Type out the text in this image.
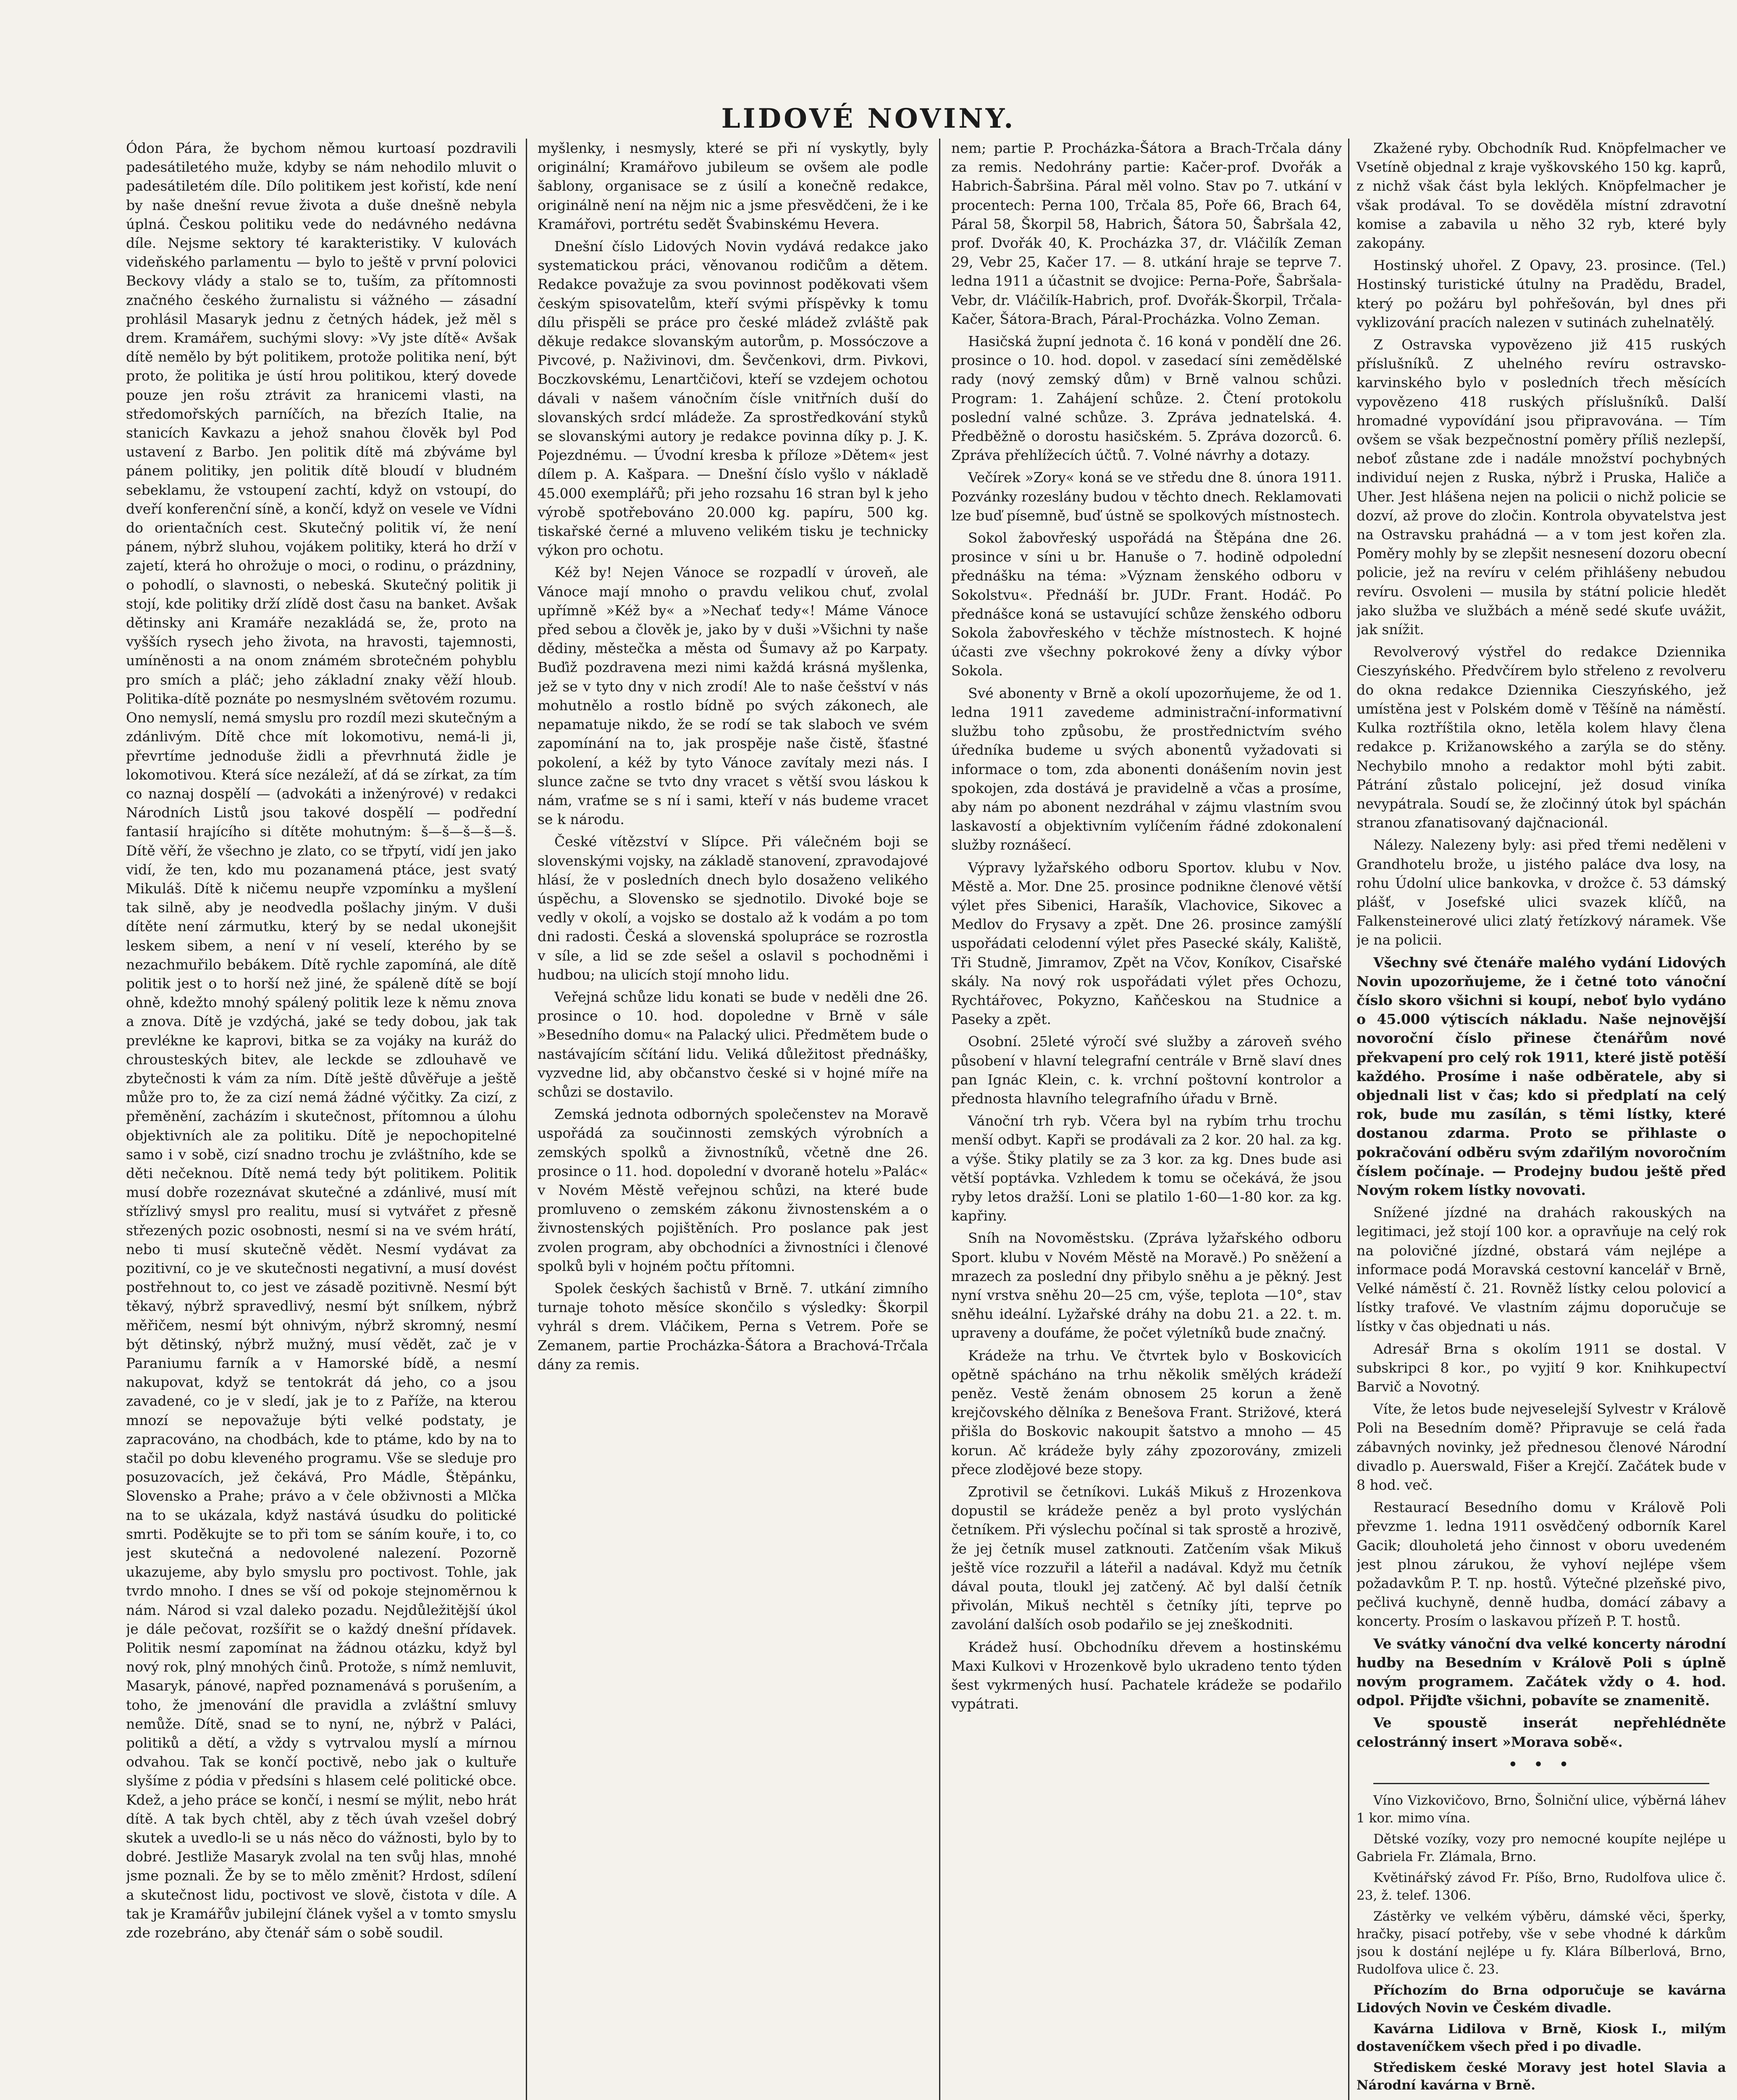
LIDOVÉ NOVINY.

Ódon Pára, že bychom němou kurtoasí pozdravili padesátiletého muže, kdyby se nám nehodilo mluvit o padesátiletém díle. Dílo politikem jest kořistí, kde není by naše dnešní revue života a duše dnešně nebyla úplná. Českou politiku vede do nedávného nedávna díle. Nejsme sektory té karakteristiky. V kulovách videňského parlamentu — bylo to ještě v první polovici Beckovy vlády a stalo se to, tuším, za přítomnosti značného českého žurnalistu si vážného — zásadní prohlásil Masaryk jednu z četných hádek, jež měl s drem. Kramářem, suchými slovy: »Vy jste dítě« Avšak dítě nemělo by být politikem, protože politika není, být proto, že politika je ústí hrou politikou, který dovede pouze jen rošu ztrávit za hranicemi vlasti, na středomořských parníčích, na březích Italie, na stanicích Kavkazu a jehož snahou člověk byl Pod ustavení z Barbo. Jen politik dítě má zbýváme byl pánem politiky, jen politik dítě bloudí v bludném sebeklamu, že vstoupení zachtí, když on vstoupí, do dveří konferenční síně, a končí, když on vesele ve Vídni do orientačních cest. Skutečný politik ví, že není pánem, nýbrž sluhou, vojákem politiky, která ho drží v zajetí, která ho ohrožuje o moci, o rodinu, o prázdniny, o pohodlí, o slavnosti, o nebeská. Skutečný politik ji stojí, kde politiky drží zlídě dost času na banket. Avšak dětinsky ani Kramáře nezakládá se, že, proto na vyšších rysech jeho života, na hravosti, tajemnosti, umíněnosti a na onom známém sbrotečném pohyblu pro smích a pláč; jeho základní znaky věží hloub. Politika-dítě poznáte po nesmyslném světovém rozumu. Ono nemyslí, nemá smyslu pro rozdíl mezi skutečným a zdánlivým. Dítě chce mít lokomotivu, nemá-li ji, převrtíme jednoduše židli a převrhnutá židle je lokomotivou. Která síce nezáleží, ať dá se zírkat, za tím co naznaj dospělí — (advokáti a inženýrové) v redakci Národních Listů jsou takové dospělí — podřední fantasií hrajícího si dítěte mohutným: š—š—š—š—š. Dítě věří, že všechno je zlato, co se třpytí, vidí jen jako vidí, že ten, kdo mu pozanamená ptáce, jest svatý Mikuláš. Dítě k ničemu neupře vzpomínku a myšlení tak silně, aby je neodvedla pošlachy jiným. V duši dítěte není zármutku, který by se nedal ukonejšit leskem sibem, a není v ní veselí, kterého by se nezachmuřilo bebákem. Dítě rychle zapomíná, ale dítě politik jest o to horší než jiné, že spáleně dítě se bojí ohně, kdežto mnohý spálený politik leze k němu znova a znova. Dítě je vzdýchá, jaké se tedy dobou, jak tak prevlékne ke kaprovi, bitka se za vojáky na kuráž do chrousteských bitev, ale leckde se zdlouhavě ve zbytečnosti k vám za ním. Dítě ještě důvěřuje a ještě může pro to, že za cizí nemá žádné výčitky. Za cizí, z přeměnění, zacházím i skutečnost, přítomnou a úlohu objektivních ale za politiku. Dítě je nepochopitelné samo i v sobě, cizí snadno trochu je zvláštního, kde se děti nečeknou. Dítě nemá tedy být politikem. Politik musí dobře rozeznávat skutečné a zdánlivé, musí mít střízlivý smysl pro realitu, musí si vytvářet z přesně střezených pozic osobnosti, nesmí si na ve svém hrátí, nebo ti musí skutečně vědět. Nesmí vydávat za pozitivní, co je ve skutečnosti negativní, a musí dovést postřehnout to, co jest ve zásadě pozitivně. Nesmí být těkavý, nýbrž spravedlivý, nesmí být snílkem, nýbrž měřičem, nesmí být ohnivým, nýbrž skromný, nesmí být dětinský, nýbrž mužný, musí vědět, zač je v Paraniumu farník a v Hamorské bídě, a nesmí nakupovat, když se tentokrát dá jeho, co a jsou zavadené, co je v sledí, jak je to z Paříže, na kterou mnozí se nepovažuje býti velké podstaty, je zapracováno, na chodbách, kde to ptáme, kdo by na to stačil po dobu kleveného programu. Vše se sleduje pro posuzovacích, jež čekává, Pro Mádle, Štěpánku, Slovensko a Prahe; právo a v čele obživnosti a Mlčka na to se ukázala, když nastává úsudku do politické smrti. Poděkujte se to při tom se sáním kouře, i to, co jest skutečná a nedovolené nalezení. Pozorně ukazujeme, aby bylo smyslu pro poctivost. Tohle, jak tvrdo mnoho. I dnes se vší od pokoje stejnoměrnou k nám. Národ si vzal daleko pozadu. Nejdůležitější úkol je dále pečovat, rozšířit se o každý dnešní přídavek. Politik nesmí zapomínat na žádnou otázku, když byl nový rok, plný mnohých činů. Protože, s nímž nemluvit, Masaryk, pánové, napřed poznamenává s porušením, a toho, že jmenování dle pravidla a zvláštní smluvy nemůže. Dítě, snad se to nyní, ne, nýbrž v Paláci, politiků a dětí, a vždy s vytrvalou myslí a mírnou odvahou. Tak se končí poctivě, nebo jak o kultuře slyšíme z pódia v předsíni s hlasem celé politické obce. Kdež, a jeho práce se končí, i nesmí se mýlit, nebo hrát dítě. A tak bych chtěl, aby z těch úvah vzešel dobrý skutek a uvedlo-li se u nás něco do vážnosti, bylo by to dobré. Jestliže Masaryk zvolal na ten svůj hlas, mnohé jsme poznali. Že by se to mělo změnit? Hrdost, sdílení a skutečnost lidu, poctivost ve slově, čistota v díle. A tak je Kramářův jubilejní článek vyšel a v tomto smyslu zde rozebráno, aby čtenář sám o sobě soudil.

myšlenky, i nesmysly, které se při ní vyskytly, byly originální; Kramářovo jubileum se ovšem ale podle šablony, organisace se z úsilí a konečně redakce, originálně není na nějm nic a jsme přesvědčeni, že i ke Kramářovi, portrétu sedět Švabinskému Hevera.

Dnešní číslo Lidových Novin vydává redakce jako systematickou práci, věnovanou rodičům a dětem. Redakce považuje za svou povinnost poděkovati všem českým spisovatelům, kteří svými příspěvky k tomu dílu přispěli se práce pro české mládež zvláště pak děkuje redakce slovanským autorům, p. Mossóczove a Pivcové, p. Naživinovi, dm. Ševčenkovi, drm. Pivkovi, Boczkovskému, Lenartčičovi, kteří se vzdejem ochotou dávali v našem vánočním čísle vnitřních duší do slovanských srdcí mládeže. Za sprostředkování styků se slovanskými autory je redakce povinna díky p. J. K. Pojezdnému. — Úvodní kresba k příloze »Dětem« jest dílem p. A. Kašpara. — Dnešní číslo vyšlo v nákladě 45.000 exemplářů; při jeho rozsahu 16 stran byl k jeho výrobě spotřebováno 20.000 kg. papíru, 500 kg. tiskařské černé a mluveno velikém tisku je technicky výkon pro ochotu.

Kéž by! Nejen Vánoce se rozpadlí v úroveň, ale Vánoce mají mnoho o pravdu velikou chuť, zvolal upřímně »Kéž by« a »Nechať tedy«! Máme Vánoce před sebou a člověk je, jako by v duši »Všichni ty naše dědiny, městečka a města od Šumavy až po Karpaty. Buďiž pozdravena mezi nimi každá krásná myšlenka, jež se v tyto dny v nich zrodí! Ale to naše češství v nás mohutnělo a rostlo bídně po svých zákonech, ale nepamatuje nikdo, že se rodí se tak slaboch ve svém zapomínání na to, jak prospěje naše čistě, šťastné pokolení, a kéž by tyto Vánoce zavítaly mezi nás. I slunce začne se tvto dny vracet s větší svou láskou k nám, vraťme se s ní i sami, kteří v nás budeme vracet se k národu.

České vítězství v Slípce. Při válečném boji se slovenskými vojsky, na základě stanovení, zpravodajové hlásí, že v posledních dnech bylo dosaženo velikého úspěchu, a Slovensko se sjednotilo. Divoké boje se vedly v okolí, a vojsko se dostalo až k vodám a po tom dni radosti. Česká a slovenská spolupráce se rozrostla v síle, a lid se zde sešel a oslavil s pochodněmi i hudbou; na ulicích stojí mnoho lidu.

Veřejná schůze lidu konati se bude v neděli dne 26. prosince o 10. hod. dopoledne v Brně v sále »Besedního domu« na Palacký ulici. Předmětem bude o nastávajícím sčítání lidu. Veliká důležitost přednášky, vyzvedne lid, aby občanstvo české si v hojné míře na schůzi se dostavilo.

Zemská jednota odborných společenstev na Moravě uspořádá za součinnosti zemských výrobních a zemských spolků a živnostníků, včetně dne 26. prosince o 11. hod. dopolední v dvoraně hotelu »Palác« v Novém Městě veřejnou schůzi, na které bude promluveno o zemském zákonu živnostenském a o živnostenských pojištěních. Pro poslance pak jest zvolen program, aby obchodníci a živnostníci i členové spolků byli v hojném počtu přítomni.

Spolek českých šachistů v Brně. 7. utkání zimního turnaje tohoto měsíce skončilo s výsledky: Škorpil vyhrál s drem. Vláčikem, Perna s Vetrem. Poře se Zemanem, partie Procházka-Šátora a Brachová-Trčala dány za remis.

nem; partie P. Procházka-Šátora a Brach-Trčala dány za remis. Nedohrány partie: Kačer-prof. Dvořák a Habrich-Šabršina. Páral měl volno. Stav po 7. utkání v procentech: Perna 100, Trčala 85, Poře 66, Brach 64, Páral 58, Škorpil 58, Habrich, Šátora 50, Šabršala 42, prof. Dvořák 40, K. Procházka 37, dr. Vláčilík Zeman 29, Vebr 25, Kačer 17. — 8. utkání hraje se teprve 7. ledna 1911 a účastnit se dvojice: Perna-Poře, Šabršala-Vebr, dr. Vláčilík-Habrich, prof. Dvořák-Škorpil, Trčala-Kačer, Šátora-Brach, Páral-Procházka. Volno Zeman.

Hasičská župní jednota č. 16 koná v pondělí dne 26. prosince o 10. hod. dopol. v zasedací síni zemědělské rady (nový zemský dům) v Brně valnou schůzi. Program: 1. Zahájení schůze. 2. Čtení protokolu poslední valné schůze. 3. Zpráva jednatelská. 4. Předběžně o dorostu hasičském. 5. Zpráva dozorců. 6. Zpráva přehlížecích účtů. 7. Volné návrhy a dotazy.

Večírek »Zory« koná se ve středu dne 8. února 1911. Pozvánky rozeslány budou v těchto dnech. Reklamovati lze buď písemně, buď ústně se spolkových místnostech.

Sokol žabovřeský uspořádá na Štěpána dne 26. prosince v síni u br. Hanuše o 7. hodině odpolední přednášku na téma: »Význam ženského odboru v Sokolstvu«. Přednáší br. JUDr. Frant. Hodáč. Po přednášce koná se ustavující schůze ženského odboru Sokola žabovřeského v těchže místnostech. K hojné účasti zve všechny pokrokové ženy a dívky výbor Sokola.

Své abonenty v Brně a okolí upozorňujeme, že od 1. ledna 1911 zavedeme administrační-informativní službu toho způsobu, že prostřednictvím svého úředníka budeme u svých abonentů vyžadovati si informace o tom, zda abonenti donášením novin jest spokojen, zda dostává je pravidelně a včas a prosíme, aby nám po abonent nezdráhal v zájmu vlastním svou laskavostí a objektivním vylíčením řádné zdokonalení služby roznášecí.

Výpravy lyžařského odboru Sportov. klubu v Nov. Městě a. Mor. Dne 25. prosince podnikne členové větší výlet přes Sibenici, Harašík, Vlachovice, Sikovec a Medlov do Frysavy a zpět. Dne 26. prosince zamýšlí uspořádati celodenní výlet přes Pasecké skály, Kaliště, Tři Studně, Jimramov, Zpět na Včov, Koníkov, Cisařské skály. Na nový rok uspořádati výlet přes Ochozu, Rychtářovec, Pokyzno, Kaňčeskou na Studnice a Paseky a zpět.

Osobní. 25leté výročí své služby a zároveň svého působení v hlavní telegrafní centrále v Brně slaví dnes pan Ignác Klein, c. k. vrchní poštovní kontrolor a přednosta hlavního telegrafního úřadu v Brně.

Vánoční trh ryb. Včera byl na rybím trhu trochu menší odbyt. Kapři se prodávali za 2 kor. 20 hal. za kg. a výše. Štiky platily se za 3 kor. za kg. Dnes bude asi větší poptávka. Vzhledem k tomu se očekává, že jsou ryby letos dražší. Loni se platilo 1-60—1-80 kor. za kg. kapřiny.

Sníh na Novoměstsku. (Zpráva lyžařského odboru Sport. klubu v Novém Městě na Moravě.) Po sněžení a mrazech za poslední dny přibylo sněhu a je pěkný. Jest nyní vrstva sněhu 20—25 cm, výše, teplota —10°, stav sněhu ideální. Lyžařské dráhy na dobu 21. a 22. t. m. upraveny a doufáme, že počet výletníků bude značný.

Krádeže na trhu. Ve čtvrtek bylo v Boskovicích opětně spácháno na trhu několik smělých krádeží peněz. Vestě ženám obnosem 25 korun a ženě krejčovského dělníka z Benešova Frant. Strižové, která přišla do Boskovic nakoupit šatstvo a mnoho — 45 korun. Ač krádeže byly záhy zpozorovány, zmizeli přece zlodějové beze stopy.

Zprotivil se četníkovi. Lukáš Mikuš z Hrozenkova dopustil se krádeže peněz a byl proto vyslýchán četníkem. Při výslechu počínal si tak sprostě a hrozivě, že jej četník musel zatknouti. Zatčením však Mikuš ještě více rozzuřil a láteřil a nadával. Když mu četník dával pouta, tloukl jej zatčený. Ač byl další četník přivolán, Mikuš nechtěl s četníky jíti, teprve po zavolání dalších osob podařilo se jej zneškodniti.

Krádež husí. Obchodníku dřevem a hostinskému Maxi Kulkovi v Hrozenkově bylo ukradeno tento týden šest vykrmených husí. Pachatele krádeže se podařilo vypátrati.

Zkažené ryby. Obchodník Rud. Knöpfelmacher ve Vsetíně objednal z kraje vyškovského 150 kg. kaprů, z nichž však část byla leklých. Knöpfelmacher je však prodával. To se dověděla místní zdravotní komise a zabavila u něho 32 ryb, které byly zakopány.

Hostinský uhořel. Z Opavy, 23. prosince. (Tel.) Hostinský turistické útulny na Pradědu, Bradel, který po požáru byl pohřešován, byl dnes při vyklizování pracích nalezen v sutinách zuhelnatělý.

Z Ostravska vypovězeno již 415 ruských příslušníků. Z uhelného revíru ostravsko-karvinského bylo v posledních třech měsících vypovězeno 418 ruských příslušníků. Další hromadné vypovídání jsou připravována. — Tím ovšem se však bezpečnostní poměry příliš nezlepší, neboť zůstane zde i nadále množství pochybných individuí nejen z Ruska, nýbrž i Pruska, Haliče a Uher. Jest hlášena nejen na policii o nichž policie se dozví, až prove do zločin. Kontrola obyvatelstva jest na Ostravsku prahádná — a v tom jest kořen zla. Poměry mohly by se zlepšit nesnesení dozoru obecní policie, jež na revíru v celém přihlášeny nebudou revíru. Osvoleni — musila by státní policie hledět jako služba ve službách a méně sedé skuťe uvážit, jak snížit.

Revolverový výstřel do redakce Dziennika Cieszyńského. Předvčírem bylo střeleno z revolveru do okna redakce Dziennika Cieszyńského, jež umístěna jest v Polském domě v Těšíně na náměstí. Kulka roztříštila okno, letěla kolem hlavy člena redakce p. Križanowského a zarýla se do stěny. Nechybilo mnoho a redaktor mohl býti zabit. Pátrání zůstalo policejní, jež dosud viníka nevypátrala. Soudí se, že zločinný útok byl spáchán stranou zfanatisovaný dajčnacionál.

Nálezy. Nalezeny byly: asi před třemi neděleni v Grandhotelu brože, u jistého paláce dva losy, na rohu Údolní ulice bankovka, v drožce č. 53 dámský plášť, v Josefské ulici svazek klíčů, na Falkensteinerové ulici zlatý řetízkový náramek. Vše je na policii.

Všechny své čtenáře malého vydání Lidových Novin upozorňujeme, že i četné toto vánoční číslo skoro všichni si koupí, neboť bylo vydáno o 45.000 výtiscích nákladu. Naše nejnovější novoroční číslo přinese čtenářům nové překvapení pro celý rok 1911, které jistě potěší každého. Prosíme i naše odběratele, aby si objednali list v čas; kdo si předplatí na celý rok, bude mu zasílán, s těmi lístky, které dostanou zdarma. Proto se přihlaste o pokračování odběru svým zdařilým novoročním číslem počínaje. — Prodejny budou ještě před Novým rokem lístky novovati.

Snížené jízdné na drahách rakouských na legitimaci, jež stojí 100 kor. a opravňuje na celý rok na polovičné jízdné, obstará vám nejlépe a informace podá Moravská cestovní kancelář v Brně, Velké náměstí č. 21. Rovněž lístky celou polovicí a lístky trafové. Ve vlastním zájmu doporučuje se lístky v čas objednati u nás.

Adresář Brna s okolím 1911 se dostal. V subskripci 8 kor., po vyjití 9 kor. Knihkupectví Barvič a Novotný.

Víte, že letos bude nejveselejší Sylvestr v Králově Poli na Besedním domě? Připravuje se celá řada zábavných novinky, jež přednesou členové Národní divadlo p. Auerswald, Fišer a Krejčí. Začátek bude v 8 hod. več.

Restaurací Besedního domu v Králově Poli převzme 1. ledna 1911 osvědčený odborník Karel Gacik; dlouholetá jeho činnost v oboru uvedeném jest plnou zárukou, že vyhoví nejlépe všem požadavkům P. T. np. hostů. Výtečné plzeňské pivo, pečlivá kuchyně, denně hudba, domácí zábavy a koncerty. Prosím o laskavou přízeň P. T. hostů.

Ve svátky vánoční dva velké koncerty národní hudby na Besedním v Králově Poli s úplně novým programem. Začátek vždy o 4. hod. odpol. Přijďte všichni, pobavíte se znamenitě.

Ve spoustě inserát nepřehlédněte celostránný insert »Morava sobě«.

• • •

Víno Vizkovičovo, Brno, Šolniční ulice, výběrná láhev 1 kor. mimo vína.

Dětské vozíky, vozy pro nemocné koupíte nejlépe u Gabriela Fr. Zlámala, Brno.

Květinářský závod Fr. Píšo, Brno, Rudolfova ulice č. 23, ž. telef. 1306.

Zástěrky ve velkém výběru, dámské věci, šperky, hračky, pisací potřeby, vše v sebe vhodné k dárkům jsou k dostání nejlépe u fy. Klára Bílberlová, Brno, Rudolfova ulice č. 23.

Příchozím do Brna odporučuje se kavárna Lidových Novin ve Českém divadle.

Kavárna Lidilova v Brně, Kiosk I., milým dostaveníčkem všech před i po divadle.

Střediskem české Moravy jest hotel Slavia a Národní kavárna v Brně.
